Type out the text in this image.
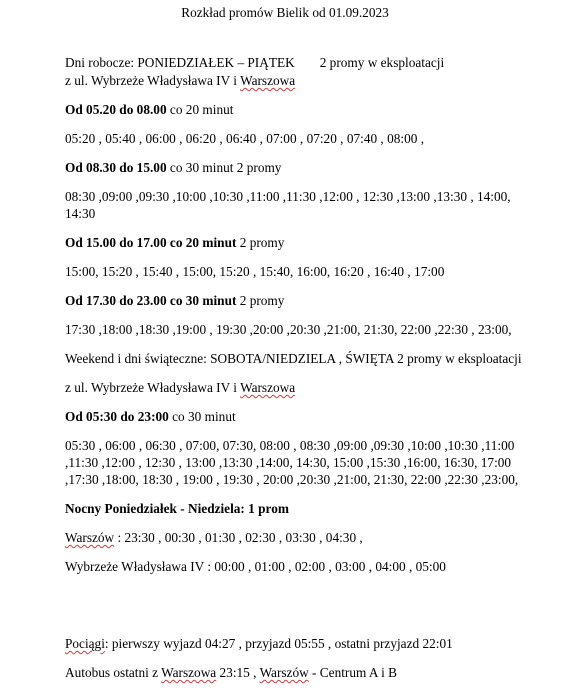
Rozkład promów Bielik od 01.09.2023
Dni robocze: PONIEDZIAŁEK – PIĄTEK 2 promy w eksploatacji
z ul. Wybrzeże Władysława IV i Warszowa
Od 05.20 do 08.00 co 20 minut
05:20 , 05:40 , 06:00 , 06:20 , 06:40 , 07:00 , 07:20 , 07:40 , 08:00 ,
Od 08.30 do 15.00 co 30 minut 2 promy
08:30 ,09:00 ,09:30 ,10:00 ,10:30 ,11:00 ,11:30 ,12:00 , 12:30 ,13:00 ,13:30 , 14:00, 14:30
Od 15.00 do 17.00 co 20 minut 2 promy
15:00, 15:20 , 15:40 , 15:00, 15:20 , 15:40, 16:00, 16:20 , 16:40 , 17:00
Od 17.30 do 23.00 co 30 minut 2 promy
17:30 ,18:00 ,18:30 ,19:00 , 19:30 ,20:00 ,20:30 ,21:00, 21:30, 22:00 ,22:30 , 23:00,
Weekend i dni świąteczne: SOBOTA/NIEDZIELA , ŚWIĘTA 2 promy w eksploatacji
z ul. Wybrzeże Władysława IV i Warszowa
Od 05:30 do 23:00 co 30 minut
05:30 , 06:00 , 06:30 , 07:00, 07:30, 08:00 , 08:30 ,09:00 ,09:30 ,10:00 ,10:30 ,11:00 ,11:30 ,12:00 , 12:30 , 13:00 ,13:30 ,14:00, 14:30, 15:00 ,15:30 ,16:00, 16:30, 17:00 ,17:30 ,18:00, 18:30 , 19:00 , 19:30 , 20:00 ,20:30 ,21:00, 21:30, 22:00 ,22:30 ,23:00,
Nocny Poniedziałek - Niedziela: 1 prom
Warszów : 23:30 , 00:30 , 01:30 , 02:30 , 03:30 , 04:30 ,
Wybrzeże Władysława IV : 00:00 , 01:00 , 02:00 , 03:00 , 04:00 , 05:00
Pociągi: pierwszy wyjazd 04:27 , przyjazd 05:55 , ostatni przyjazd 22:01
Autobus ostatni z Warszowa 23:15 , Warszów - Centrum A i B
